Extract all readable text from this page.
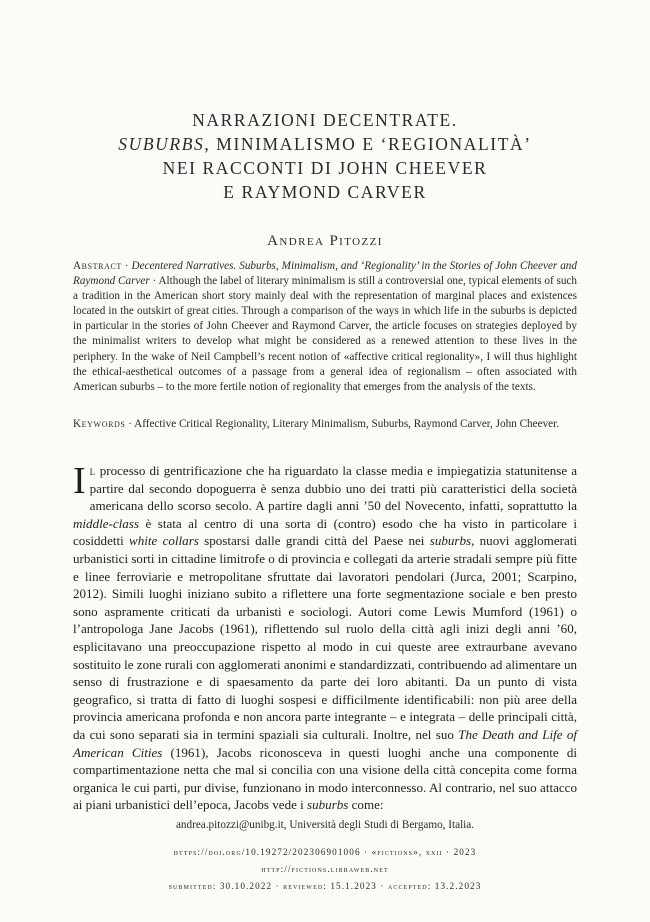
NARRAZIONI DECENTRATE.
SUBURBS, MINIMALISMO E ‘REGIONALITÀ’
NEI RACCONTI DI JOHN CHEEVER
E RAYMOND CARVER
Andrea Pitozzi
Abstract · Decentered Narratives. Suburbs, Minimalism, and ‘Regionality’ in the Stories of John Cheever and Raymond Carver · Although the label of literary minimalism is still a controversial one, typical elements of such a tradition in the American short story mainly deal with the representation of marginal places and existences located in the outskirt of great cities. Through a comparison of the ways in which life in the suburbs is depicted in particular in the stories of John Cheever and Raymond Carver, the article focuses on strategies deployed by the minimalist writers to develop what might be considered as a renewed attention to these lives in the periphery. In the wake of Neil Campbell’s recent notion of «affective critical regionality», I will thus highlight the ethical-aesthetical outcomes of a passage from a general idea of regionalism – often associated with American suburbs – to the more fertile notion of regionality that emerges from the analysis of the texts.
Keywords · Affective Critical Regionality, Literary Minimalism, Suburbs, Raymond Carver, John Cheever.
Il processo di gentrificazione che ha riguardato la classe media e impiegatizia statunitense a partire dal secondo dopoguerra è senza dubbio uno dei tratti più caratteristici della società americana dello scorso secolo. A partire dagli anni ’50 del Novecento, infatti, soprattutto la middle-class è stata al centro di una sorta di (contro) esodo che ha visto in particolare i cosiddetti white collars spostarsi dalle grandi città del Paese nei suburbs, nuovi agglomerati urbanistici sorti in cittadine limitrofe o di provincia e collegati da arterie stradali sempre più fitte e linee ferroviarie e metropolitane sfruttate dai lavoratori pendolari (Jurca, 2001; Scarpino, 2012). Simili luoghi iniziano subito a riflettere una forte segmentazione sociale e ben presto sono aspramente criticati da urbanisti e sociologi. Autori come Lewis Mumford (1961) o l’antropologa Jane Jacobs (1961), riflettendo sul ruolo della città agli inizi degli anni ’60, esplicitavano una preoccupazione rispetto al modo in cui queste aree extraurbane avevano sostituito le zone rurali con agglomerati anonimi e standardizzati, contribuendo ad alimentare un senso di frustrazione e di spaesamento da parte dei loro abitanti. Da un punto di vista geografico, si tratta di fatto di luoghi sospesi e difficilmente identificabili: non più aree della provincia americana profonda e non ancora parte integrante – e integrata – delle principali città, da cui sono separati sia in termini spaziali sia culturali. Inoltre, nel suo The Death and Life of American Cities (1961), Jacobs riconosceva in questi luoghi anche una componente di compartimentazione netta che mal si concilia con una visione della città concepita come forma organica le cui parti, pur divise, funzionano in modo interconnesso. Al contrario, nel suo attacco ai piani urbanistici dell’epoca, Jacobs vede i suburbs come:
andrea.pitozzi@unibg.it, Università degli Studi di Bergamo, Italia.
https://doi.org/10.19272/202306901006 · «fictions», xxii · 2023
http://fictions.libraweb.net
submitted: 30.10.2022 · reviewed: 15.1.2023 · accepted: 13.2.2023
